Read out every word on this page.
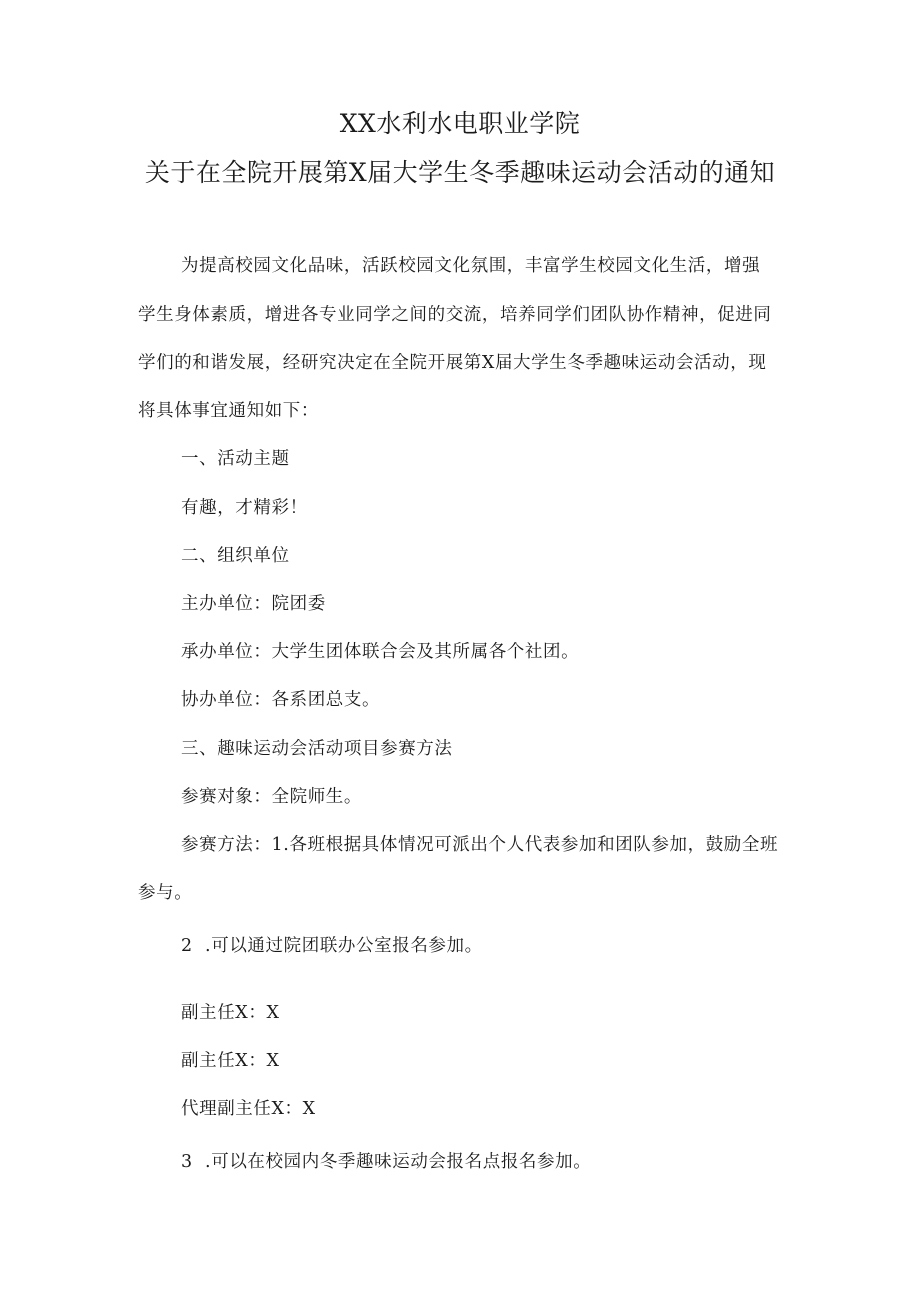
XX水利水电职业学院
关于在全院开展第X届大学生冬季趣味运动会活动的通知
为提高校园文化品味，活跃校园文化氛围，丰富学生校园文化生活，增强
学生身体素质，增进各专业同学之间的交流，培养同学们团队协作精神，促进同
学们的和谐发展，经研究决定在全院开展第X届大学生冬季趣味运动会活动，现
将具体事宜通知如下：
一、活动主题
有趣，才精彩！
二、组织单位
主办单位：院团委
承办单位：大学生团体联合会及其所属各个社团。
协办单位：各系团总支。
三、趣味运动会活动项目参赛方法
参赛对象：全院师生。
参赛方法：1.各班根据具体情况可派出个人代表参加和团队参加，鼓励全班
参与。
2  .可以通过院团联办公室报名参加。
副主任X：X
副主任X：X
代理副主任X：X
3  .可以在校园内冬季趣味运动会报名点报名参加。
